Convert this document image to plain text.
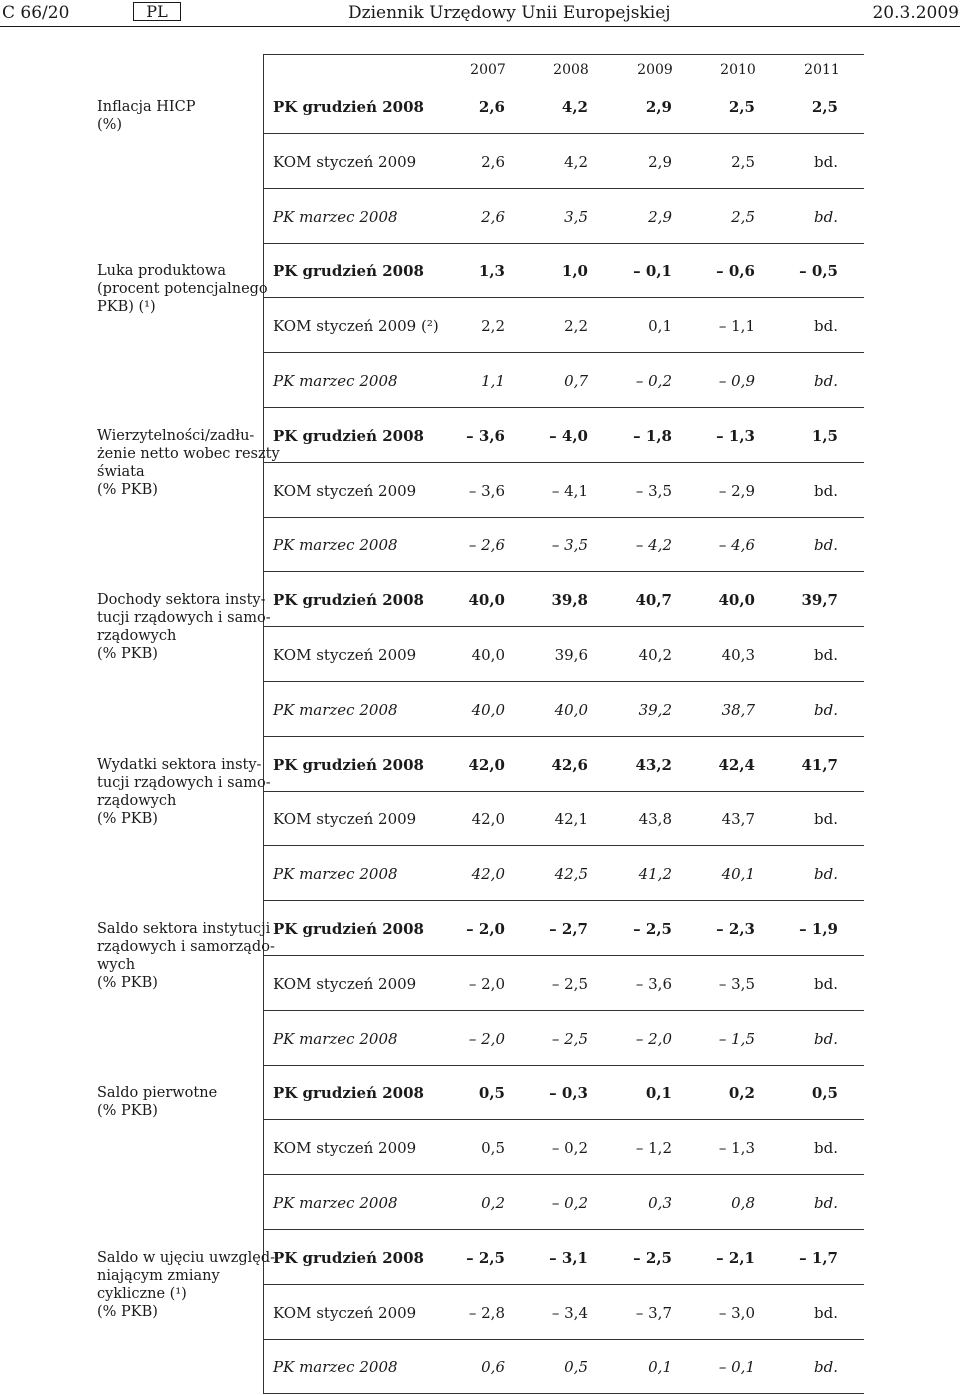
C 66/20	PL	Dziennik Urzędowy Unii Europejskiej	20.3.2009
2007	2008	2009	2010	2011
Inflacja HICP
(%)
PK grudzień 2008	2,6	4,2	2,9	2,5	2,5
KOM styczeń 2009	2,6	4,2	2,9	2,5	bd.
PK marzec 2008	2,6	3,5	2,9	2,5	bd.
Luka produktowa
(procent potencjalnego
PKB) (¹)
PK grudzień 2008	1,3	1,0	– 0,1	– 0,6	– 0,5
KOM styczeń 2009 (²)	2,2	2,2	0,1	– 1,1	bd.
PK marzec 2008	1,1	0,7	– 0,2	– 0,9	bd.
Wierzytelności/zadłu-
żenie netto wobec reszty
świata
(% PKB)
PK grudzień 2008	– 3,6	– 4,0	– 1,8	– 1,3	1,5
KOM styczeń 2009	– 3,6	– 4,1	– 3,5	– 2,9	bd.
PK marzec 2008	– 2,6	– 3,5	– 4,2	– 4,6	bd.
Dochody sektora insty-
tucji rządowych i samo-
rządowych
(% PKB)
PK grudzień 2008	40,0	39,8	40,7	40,0	39,7
KOM styczeń 2009	40,0	39,6	40,2	40,3	bd.
PK marzec 2008	40,0	40,0	39,2	38,7	bd.
Wydatki sektora insty-
tucji rządowych i samo-
rządowych
(% PKB)
PK grudzień 2008	42,0	42,6	43,2	42,4	41,7
KOM styczeń 2009	42,0	42,1	43,8	43,7	bd.
PK marzec 2008	42,0	42,5	41,2	40,1	bd.
Saldo sektora instytucji
rządowych i samorządo-
wych
(% PKB)
PK grudzień 2008	– 2,0	– 2,7	– 2,5	– 2,3	– 1,9
KOM styczeń 2009	– 2,0	– 2,5	– 3,6	– 3,5	bd.
PK marzec 2008	– 2,0	– 2,5	– 2,0	– 1,5	bd.
Saldo pierwotne
(% PKB)
PK grudzień 2008	0,5	– 0,3	0,1	0,2	0,5
KOM styczeń 2009	0,5	– 0,2	– 1,2	– 1,3	bd.
PK marzec 2008	0,2	– 0,2	0,3	0,8	bd.
Saldo w ujęciu uwzględ-
niającym zmiany
cykliczne (¹)
(% PKB)
PK grudzień 2008	– 2,5	– 3,1	– 2,5	– 2,1	– 1,7
KOM styczeń 2009	– 2,8	– 3,4	– 3,7	– 3,0	bd.
PK marzec 2008	0,6	0,5	0,1	– 0,1	bd.
